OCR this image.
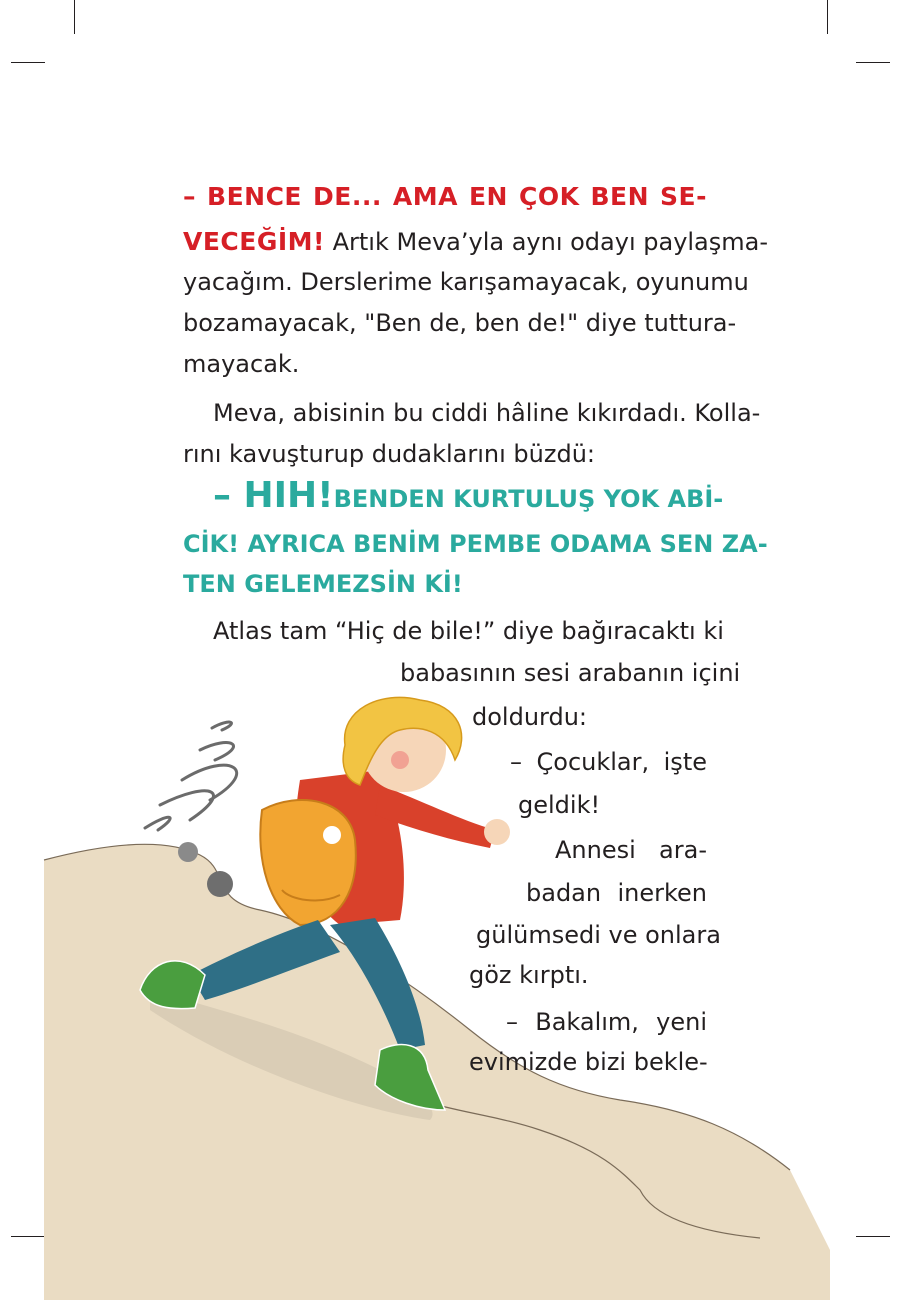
– BENCE DE... AMA EN ÇOK BEN SE-
VECEĞİM! Artık Meva’yla aynı odayı paylaşma-
yacağım. Derslerime karışamayacak, oyunumu
bozamayacak, "Ben de, ben de!" diye tuttura-
mayacak.
Meva, abisinin bu ciddi hâline kıkırdadı. Kolla-
rını kavuşturup dudaklarını büzdü:
– HIH! BENDEN KURTULUŞ YOK ABİ-
CİK! AYRICA BENİM PEMBE ODAMA SEN ZA-
TEN GELEMEZSİN Kİ!
Atlas tam “Hiç de bile!” diye bağıracaktı ki
babasının sesi arabanın içini
doldurdu:
– Çocuklar, işte
geldik!
Annesi ara-
badan inerken
gülümsedi ve onlara
göz kırptı.
– Bakalım, yeni
evimizde bizi bekle-
